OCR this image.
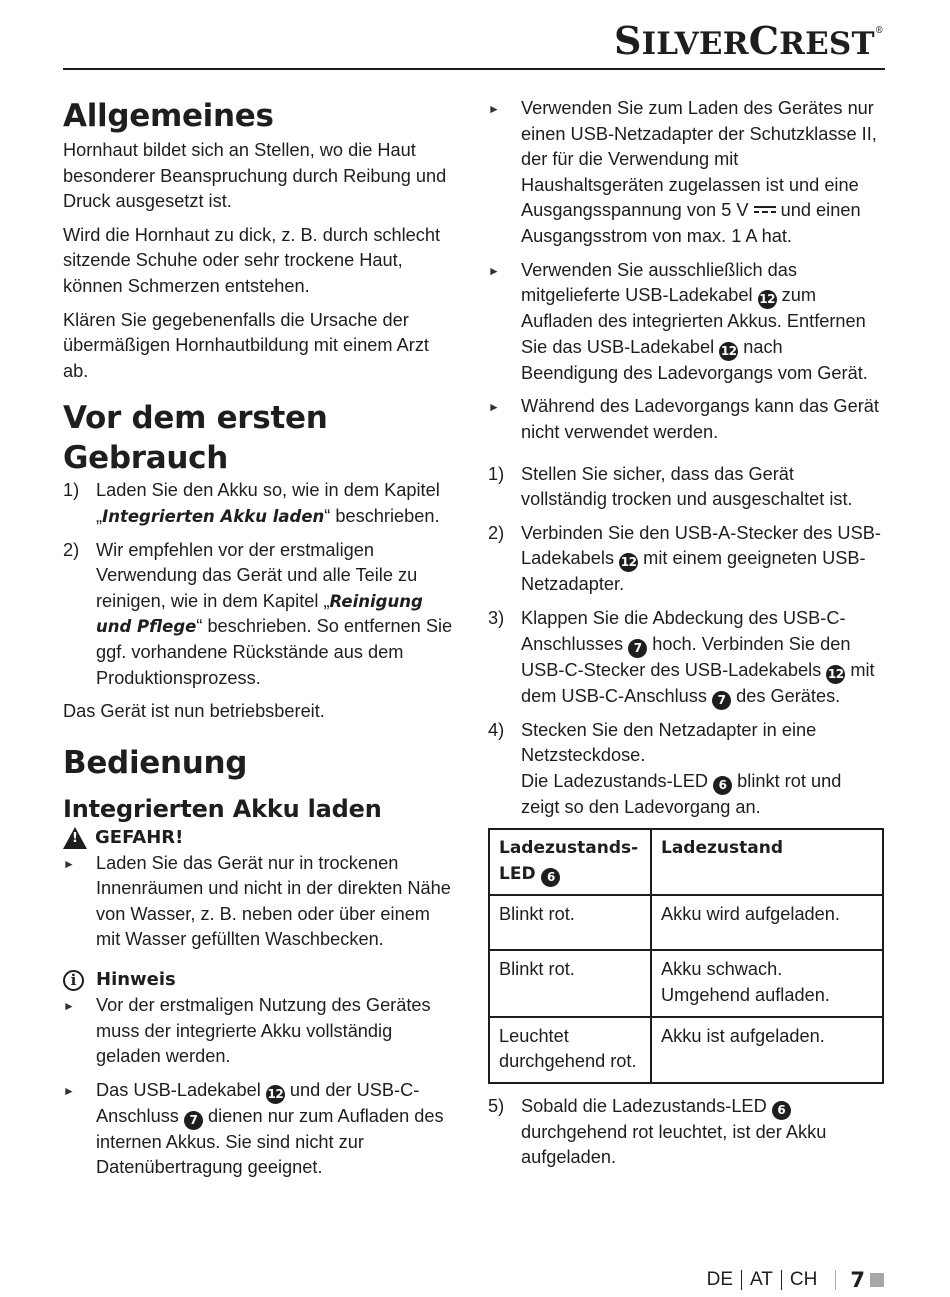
SILVERCREST®
Allgemeines

Hornhaut bildet sich an Stellen, wo die Haut besonderer Beanspruchung durch Reibung und Druck ausgesetzt ist.

Wird die Hornhaut zu dick, z. B. durch schlecht sitzende Schuhe oder sehr trockene Haut, können Schmerzen entstehen.

Klären Sie gegebenenfalls die Ursache der übermäßigen Hornhautbildung mit einem Arzt ab.

Vor dem ersten Gebrauch
1) Laden Sie den Akku so, wie in dem Kapitel „Integrierten Akku laden“ beschrieben.
2) Wir empfehlen vor der erstmaligen Verwendung das Gerät und alle Teile zu reinigen, wie in dem Kapitel „Reinigung und Pflege“ beschrieben. So entfernen Sie ggf. vorhandene Rückstände aus dem Produktionsprozess.

Das Gerät ist nun betriebsbereit.

Bedienung
Integrierten Akku laden
!
GEFAHR!
►	Laden Sie das Gerät nur in trockenen Innenräumen und nicht in der direkten Nähe von Wasser, z. B. neben oder über einem mit Wasser gefüllten Waschbecken.
i	Hinweis
►	Vor der erstmaligen Nutzung des Gerätes muss der integrierte Akku vollständig geladen werden.
►	Das USB-Ladekabel 12 und der USB-C-Anschluss 7 dienen nur zum Aufladen des internen Akkus. Sie sind nicht zur Datenübertragung geeignet.
►	Verwenden Sie zum Laden des Gerätes nur einen USB-Netzadapter der Schutzklasse II, der für die Verwendung mit Haushaltsgeräten zugelassen ist und eine Ausgangsspannung von 5 V und einen Ausgangsstrom von max. 1 A hat.
►	Verwenden Sie ausschließlich das mitgelieferte USB-Ladekabel 12 zum Aufladen des integrierten Akkus. Entfernen Sie das USB-Ladekabel 12 nach Beendigung des Ladevorgangs vom Gerät.
►	Während des Ladevorgangs kann das Gerät nicht verwendet werden.
1) Stellen Sie sicher, dass das Gerät vollständig trocken und ausgeschaltet ist.
2) Verbinden Sie den USB-A-Stecker des USB-Ladekabels 12 mit einem geeigneten USB-Netzadapter.
3) Klappen Sie die Abdeckung des USB-C-Anschlusses 7 hoch. Verbinden Sie den USB-C-Stecker des USB-Ladekabels 12 mit dem USB-C-Anschluss 7 des Gerätes.
4) Stecken Sie den Netzadapter in eine Netzsteckdose.
Die Ladezustands-LED 6 blinkt rot und zeigt so den Ladevorgang an.
Ladezustands-LED 6	Ladezustand
Blinkt rot.	Akku wird aufgeladen.
Blinkt rot.	Akku schwach. Umgehend aufladen.
Leuchtet durchgehend rot.	Akku ist aufgeladen.
5) Sobald die Ladezustands-LED 6 durchgehend rot leuchtet, ist der Akku aufgeladen.
DE AT CH 7
